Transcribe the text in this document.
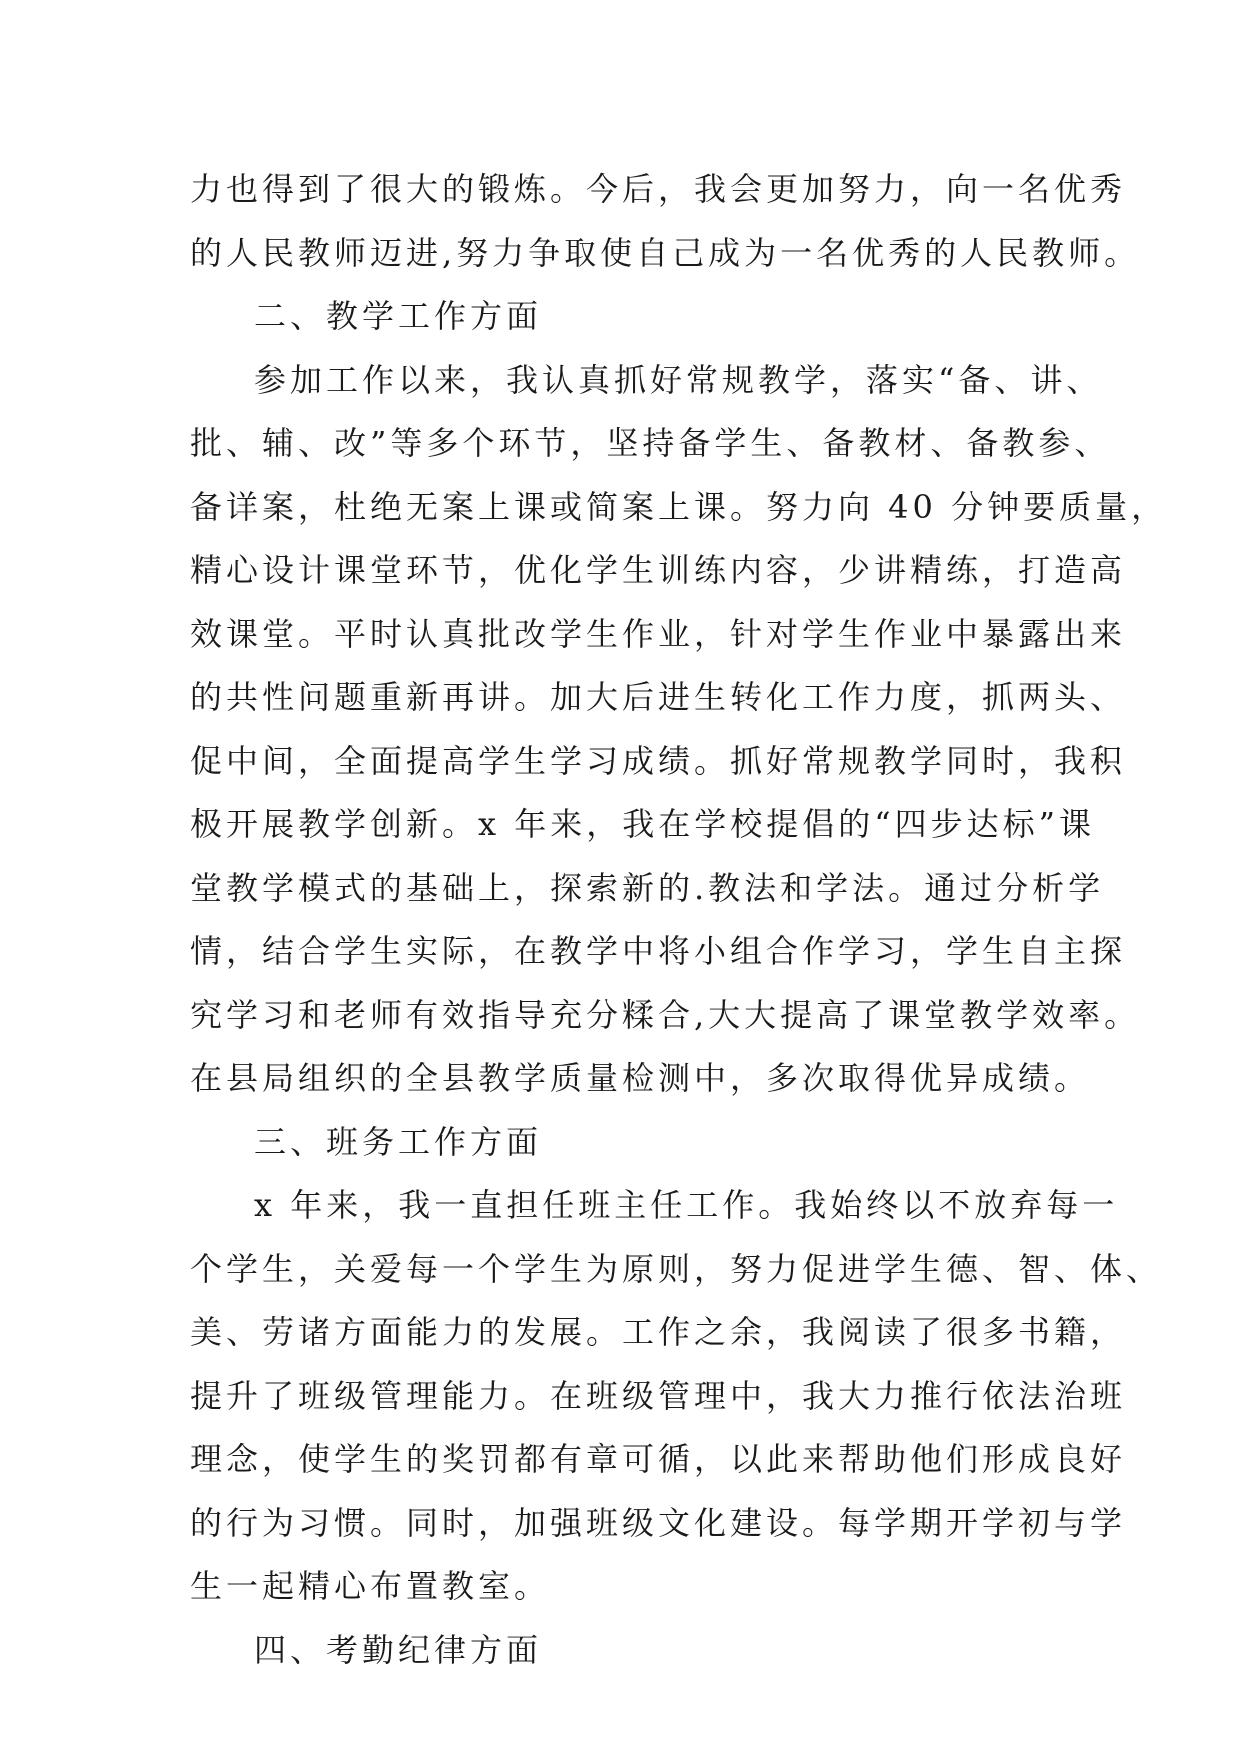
力也得到了很大的锻炼。今后，我会更加努力，向一名优秀
的人民教师迈进,努力争取使自己成为一名优秀的人民教师。
二、教学工作方面
参加工作以来，我认真抓好常规教学，落实“备、讲、
批、辅、改”等多个环节，坚持备学生、备教材、备教参、
备详案，杜绝无案上课或简案上课。努力向 40 分钟要质量，
精心设计课堂环节，优化学生训练内容，少讲精练，打造高
效课堂。平时认真批改学生作业，针对学生作业中暴露出来
的共性问题重新再讲。加大后进生转化工作力度，抓两头、
促中间，全面提高学生学习成绩。抓好常规教学同时，我积
极开展教学创新。x 年来，我在学校提倡的“四步达标”课
堂教学模式的基础上，探索新的.教法和学法。通过分析学
情，结合学生实际，在教学中将小组合作学习，学生自主探
究学习和老师有效指导充分糅合,大大提高了课堂教学效率。
在县局组织的全县教学质量检测中，多次取得优异成绩。
三、班务工作方面
x 年来，我一直担任班主任工作。我始终以不放弃每一
个学生，关爱每一个学生为原则，努力促进学生德、智、体、
美、劳诸方面能力的发展。工作之余，我阅读了很多书籍，
提升了班级管理能力。在班级管理中，我大力推行依法治班
理念，使学生的奖罚都有章可循，以此来帮助他们形成良好
的行为习惯。同时，加强班级文化建设。每学期开学初与学
生一起精心布置教室。
四、考勤纪律方面
